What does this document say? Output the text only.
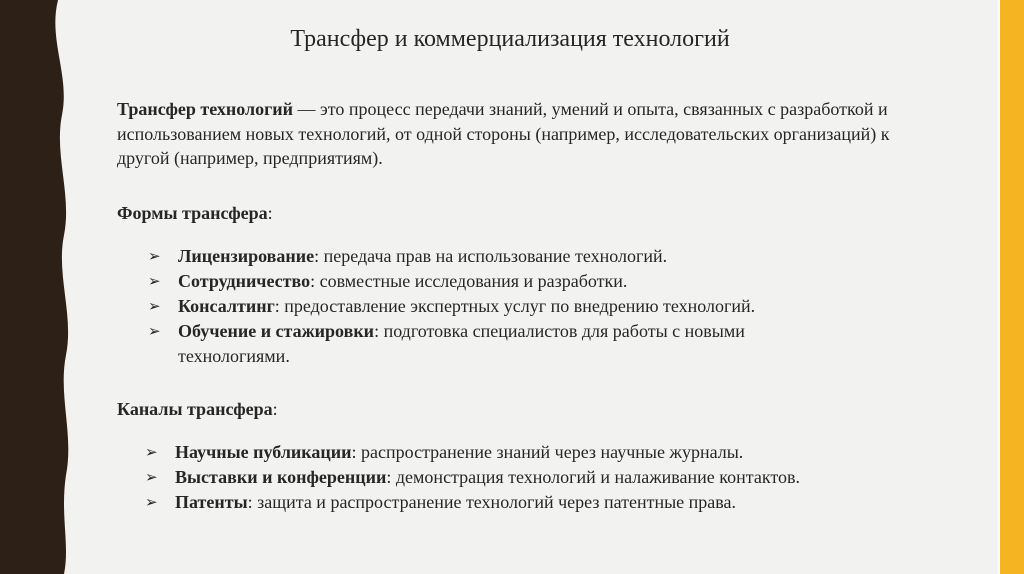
Трансфер и коммерциализация технологий

Трансфер технологий — это процесс передачи знаний, умений и опыта, связанных с разработкой и использованием новых технологий, от одной стороны (например, исследовательских организаций) к другой (например, предприятиям).

Формы трансфера:
➢ Лицензирование: передача прав на использование технологий.
➢ Сотрудничество: совместные исследования и разработки.
➢ Консалтинг: предоставление экспертных услуг по внедрению технологий.
➢ Обучение и стажировки: подготовка специалистов для работы с новыми технологиями.
Каналы трансфера:
➢ Научные публикации: распространение знаний через научные журналы.
➢ Выставки и конференции: демонстрация технологий и налаживание контактов.
➢ Патенты: защита и распространение технологий через патентные права.
